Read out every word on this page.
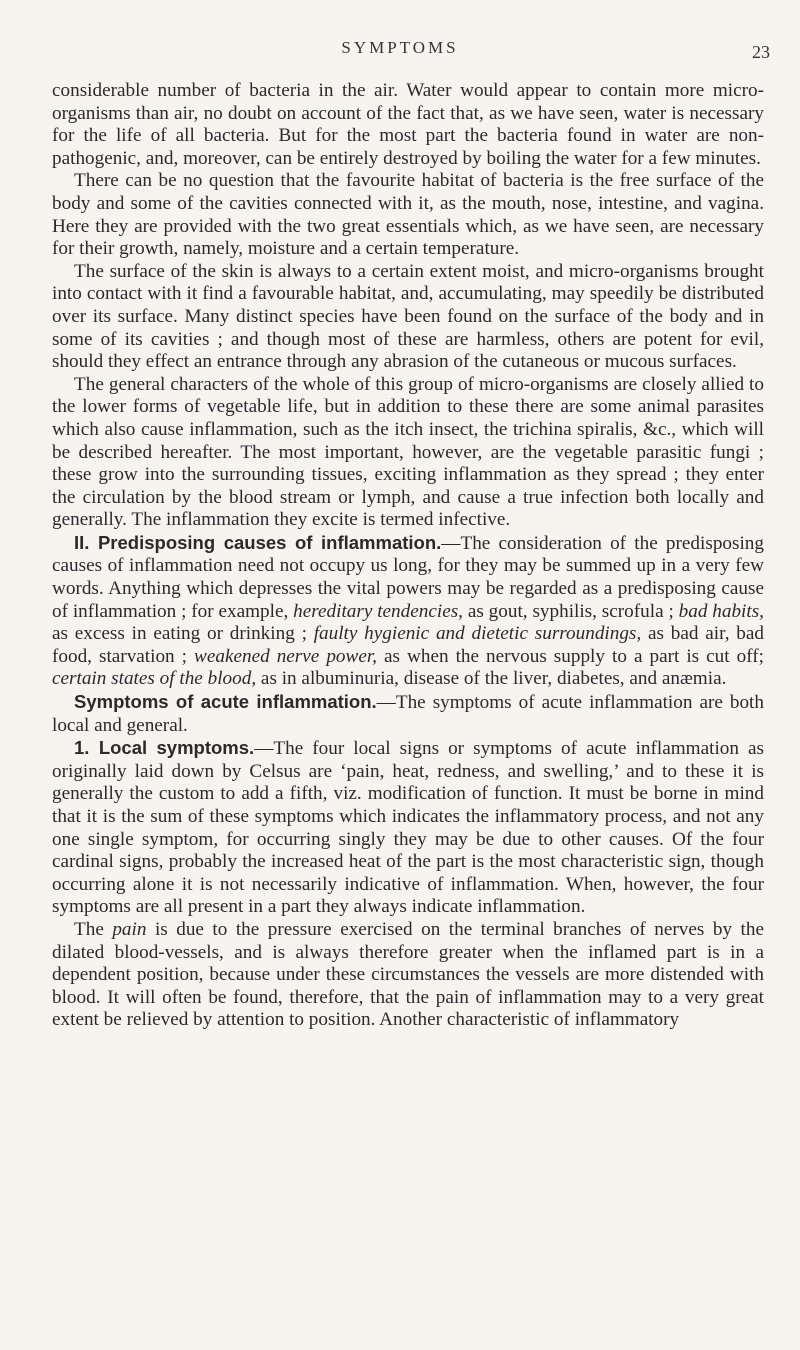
SYMPTOMS	23

considerable number of bacteria in the air. Water would appear to contain more micro-organisms than air, no doubt on account of the fact that, as we have seen, water is necessary for the life of all bacteria. But for the most part the bacteria found in water are non-pathogenic, and, moreover, can be entirely destroyed by boiling the water for a few minutes.

There can be no question that the favourite habitat of bacteria is the free surface of the body and some of the cavities connected with it, as the mouth, nose, intestine, and vagina. Here they are provided with the two great essentials which, as we have seen, are necessary for their growth, namely, moisture and a certain temperature.

The surface of the skin is always to a certain extent moist, and micro-organisms brought into contact with it find a favourable habitat, and, accumulating, may speedily be distributed over its surface. Many distinct species have been found on the surface of the body and in some of its cavities ; and though most of these are harmless, others are potent for evil, should they effect an entrance through any abrasion of the cutaneous or mucous surfaces.

The general characters of the whole of this group of micro-organisms are closely allied to the lower forms of vegetable life, but in addition to these there are some animal parasites which also cause inflammation, such as the itch insect, the trichina spiralis, &c., which will be described hereafter. The most important, however, are the vegetable parasitic fungi ; these grow into the surrounding tissues, exciting inflammation as they spread ; they enter the circulation by the blood stream or lymph, and cause a true infection both locally and generally. The inflammation they excite is termed infective.

II. Predisposing causes of inflammation.—The consideration of the predisposing causes of inflammation need not occupy us long, for they may be summed up in a very few words. Anything which depresses the vital powers may be regarded as a predisposing cause of inflammation ; for example, hereditary tendencies, as gout, syphilis, scrofula ; bad habits, as excess in eating or drinking ; faulty hygienic and dietetic surroundings, as bad air, bad food, starvation ; weakened nerve power, as when the nervous supply to a part is cut off; certain states of the blood, as in albuminuria, disease of the liver, diabetes, and anæmia.

Symptoms of acute inflammation.—The symptoms of acute inflammation are both local and general.

1. Local symptoms.—The four local signs or symptoms of acute inflammation as originally laid down by Celsus are ‘pain, heat, redness, and swelling,’ and to these it is generally the custom to add a fifth, viz. modification of function. It must be borne in mind that it is the sum of these symptoms which indicates the inflammatory process, and not any one single symptom, for occurring singly they may be due to other causes. Of the four cardinal signs, probably the increased heat of the part is the most characteristic sign, though occurring alone it is not necessarily indicative of inflammation. When, however, the four symptoms are all present in a part they always indicate inflammation.

The pain is due to the pressure exercised on the terminal branches of nerves by the dilated blood-vessels, and is always therefore greater when the inflamed part is in a dependent position, because under these circumstances the vessels are more distended with blood. It will often be found, therefore, that the pain of inflammation may to a very great extent be relieved by attention to position. Another characteristic of inflammatory
